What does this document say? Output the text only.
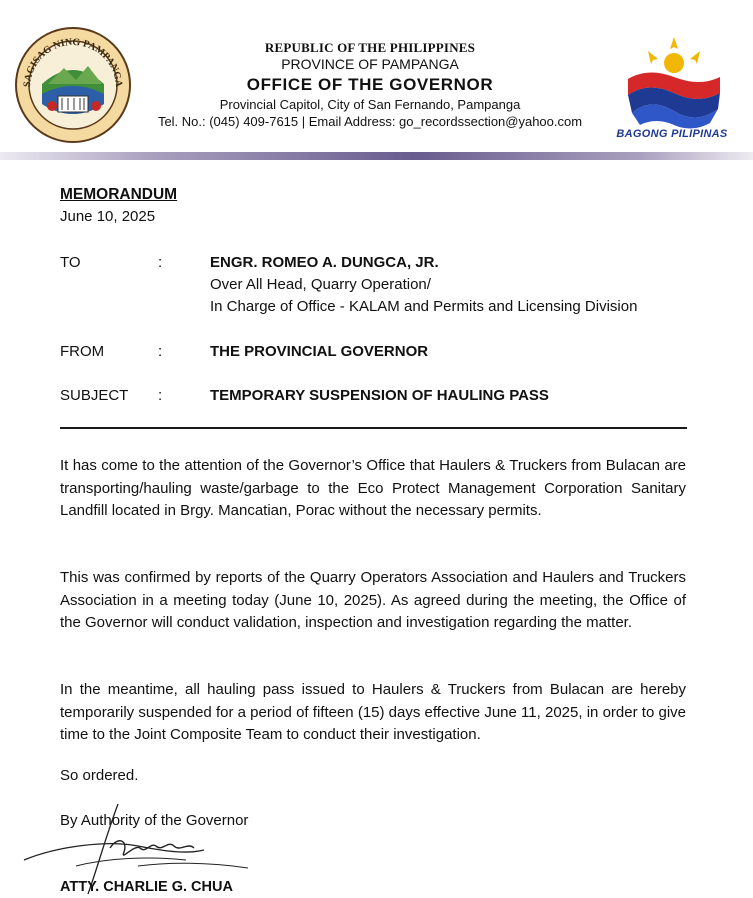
SAGISAG NING PAMPANGA
REPUBLIC OF THE PHILIPPINES
PROVINCE OF PAMPANGA
OFFICE OF THE GOVERNOR
Provincial Capitol, City of San Fernando, Pampanga
Tel. No.: (045) 409-7615 | Email Address: go_recordssection@yahoo.com
BAGONG PILIPINAS
MEMORANDUM
June 10, 2025
TO	:	ENGR. ROMEO A. DUNGCA, JR.
Over All Head, Quarry Operation/
In Charge of Office - KALAM and Permits and Licensing Division
FROM	:	THE PROVINCIAL GOVERNOR
SUBJECT :	TEMPORARY SUSPENSION OF HAULING PASS
It has come to the attention of the Governor’s Office that Haulers & Truckers from Bulacan are transporting/hauling waste/garbage to the Eco Protect Management Corporation Sanitary Landfill located in Brgy. Mancatian, Porac without the necessary permits.
This was confirmed by reports of the Quarry Operators Association and Haulers and Truckers Association in a meeting today (June 10, 2025). As agreed during the meeting, the Office of the Governor will conduct validation, inspection and investigation regarding the matter.
In the meantime, all hauling pass issued to Haulers & Truckers from Bulacan are hereby temporarily suspended for a period of fifteen (15) days effective June 11, 2025, in order to give time to the Joint Composite Team to conduct their investigation.
So ordered.
By Authority of the Governor
ATTY. CHARLIE G. CHUA
